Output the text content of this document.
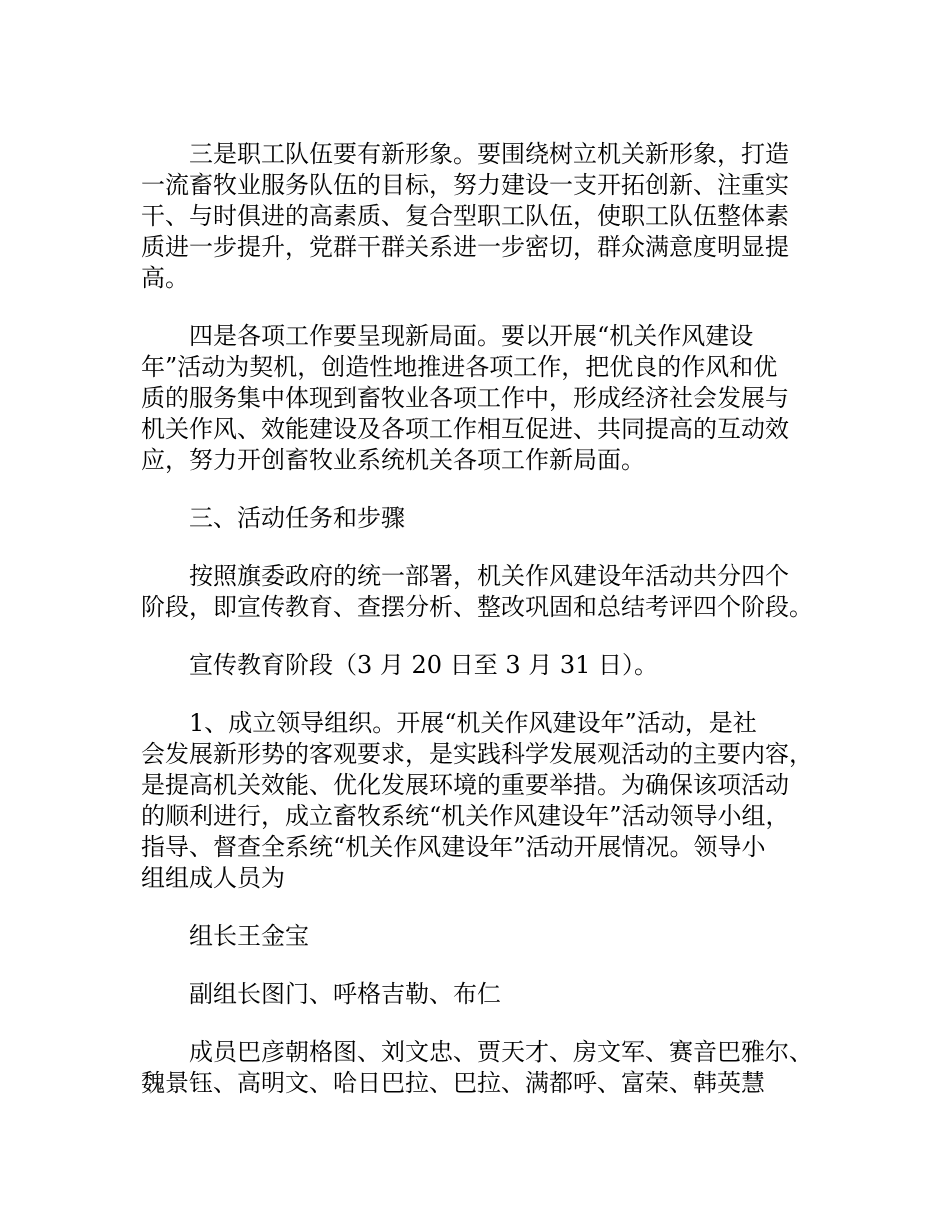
三是职工队伍要有新形象。要围绕树立机关新形象，打造
一流畜牧业服务队伍的目标，努力建设一支开拓创新、注重实
干、与时俱进的高素质、复合型职工队伍，使职工队伍整体素
质进一步提升，党群干群关系进一步密切，群众满意度明显提
高。

四是各项工作要呈现新局面。要以开展“机关作风建设
年”活动为契机，创造性地推进各项工作，把优良的作风和优
质的服务集中体现到畜牧业各项工作中，形成经济社会发展与
机关作风、效能建设及各项工作相互促进、共同提高的互动效
应，努力开创畜牧业系统机关各项工作新局面。

三、活动任务和步骤

按照旗委政府的统一部署，机关作风建设年活动共分四个
阶段，即宣传教育、查摆分析、整改巩固和总结考评四个阶段。

宣传教育阶段（3 月 20 日至 3 月 31 日）。

1、成立领导组织。开展“机关作风建设年”活动，是社
会发展新形势的客观要求，是实践科学发展观活动的主要内容，
是提高机关效能、优化发展环境的重要举措。为确保该项活动
的顺利进行，成立畜牧系统“机关作风建设年”活动领导小组，
指导、督查全系统“机关作风建设年”活动开展情况。领导小
组组成人员为

组长王金宝

副组长图门、呼格吉勒、布仁

成员巴彦朝格图、刘文忠、贾天才、房文军、赛音巴雅尔、
魏景钰、高明文、哈日巴拉、巴拉、满都呼、富荣、韩英慧
